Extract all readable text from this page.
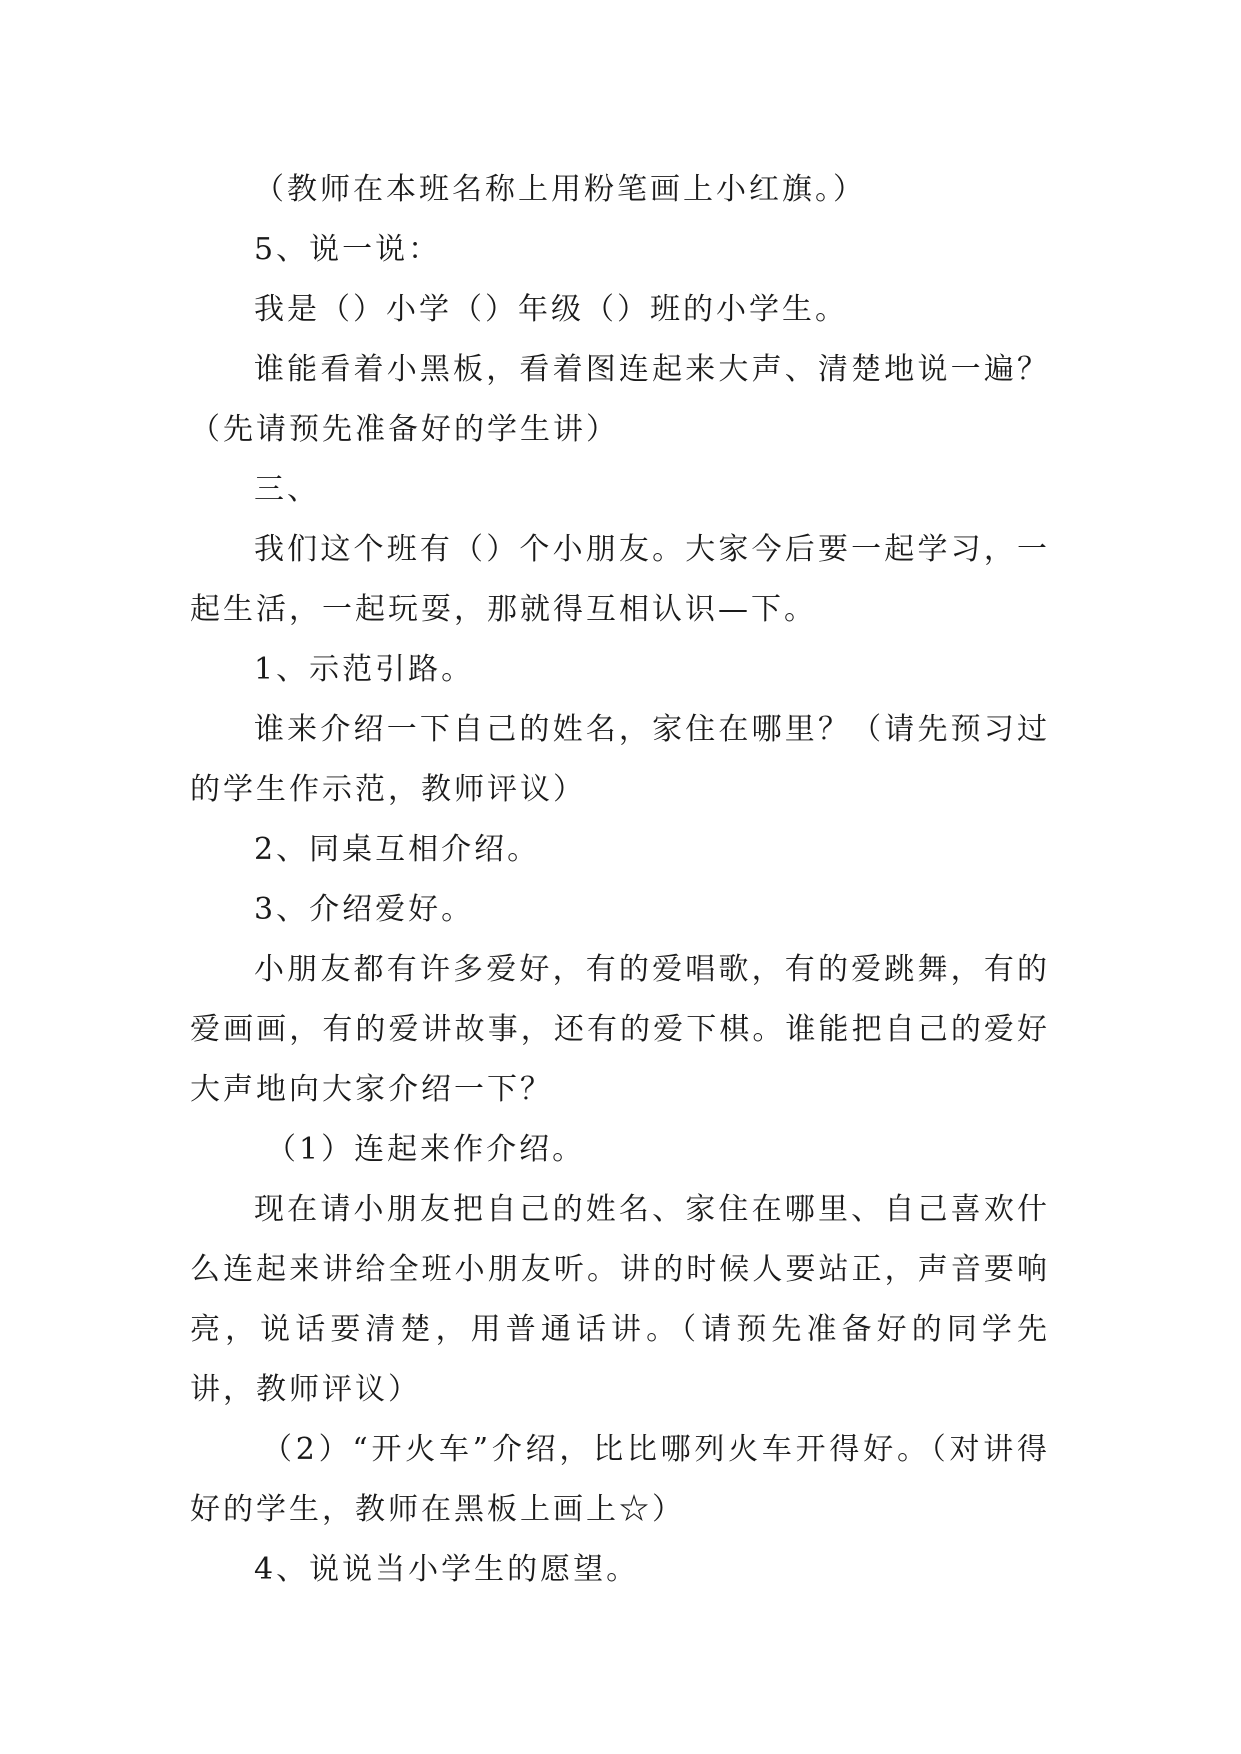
（教师在本班名称上用粉笔画上小红旗。）

5、说一说：

我是（）小学（）年级（）班的小学生。

谁能看着小黑板，看着图连起来大声、清楚地说一遍？（先请预先准备好的学生讲）

三、

我们这个班有（）个小朋友。大家今后要一起学习，一起生活，一起玩耍，那就得互相认识—下。

1、示范引路。

谁来介绍一下自己的姓名，家住在哪里？（请先预习过的学生作示范，教师评议）

2、同桌互相介绍。

3、介绍爱好。

小朋友都有许多爱好，有的爱唱歌，有的爱跳舞，有的爱画画，有的爱讲故事，还有的爱下棋。谁能把自己的爱好大声地向大家介绍一下？

（1）连起来作介绍。

现在请小朋友把自己的姓名、家住在哪里、自己喜欢什么连起来讲给全班小朋友听。讲的时候人要站正，声音要响亮，说话要清楚，用普通话讲。（请预先准备好的同学先讲，教师评议）

（2）“开火车”介绍，比比哪列火车开得好。（对讲得好的学生，教师在黑板上画上☆）

4、说说当小学生的愿望。
